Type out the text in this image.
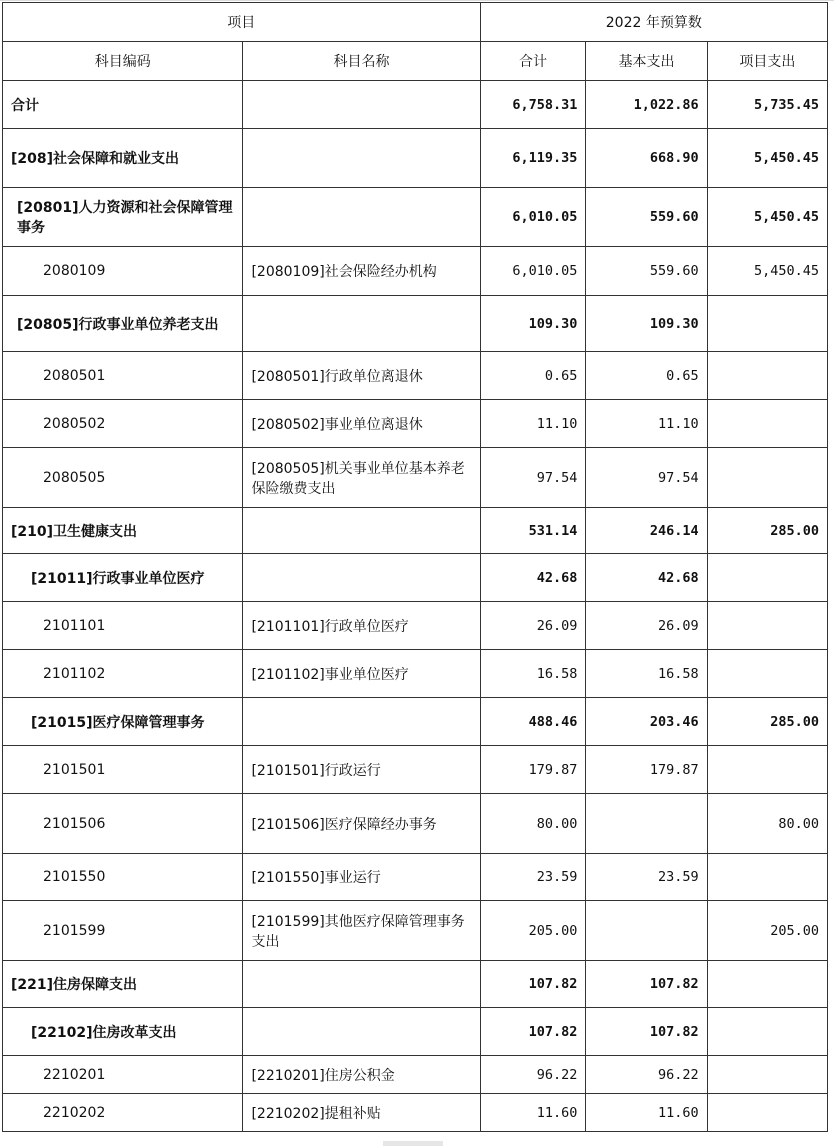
项目		2022 年预算数		
科目编码	科目名称	合计	基本支出	项目支出
合计		6,758.31	1,022.86	5,735.45
[208]社会保障和就业支出		6,119.35	668.90	5,450.45
[20801]人力资源和社会保障管理事务		6,010.05	559.60	5,450.45
2080109	[2080109]社会保险经办机构	6,010.05	559.60	5,450.45
[20805]行政事业单位养老支出		109.30	109.30	
2080501	[2080501]行政单位离退休	0.65	0.65	
2080502	[2080502]事业单位离退休	11.10	11.10	
2080505	[2080505]机关事业单位基本养老保险缴费支出	97.54	97.54	
[210]卫生健康支出		531.14	246.14	285.00
[21011]行政事业单位医疗		42.68	42.68	
2101101	[2101101]行政单位医疗	26.09	26.09	
2101102	[2101102]事业单位医疗	16.58	16.58	
[21015]医疗保障管理事务		488.46	203.46	285.00
2101501	[2101501]行政运行	179.87	179.87	
2101506	[2101506]医疗保障经办事务	80.00		80.00
2101550	[2101550]事业运行	23.59	23.59	
2101599	[2101599]其他医疗保障管理事务支出	205.00		205.00
[221]住房保障支出		107.82	107.82	
[22102]住房改革支出		107.82	107.82	
2210201	[2210201]住房公积金	96.22	96.22	
2210202	[2210202]提租补贴	11.60	11.60	
